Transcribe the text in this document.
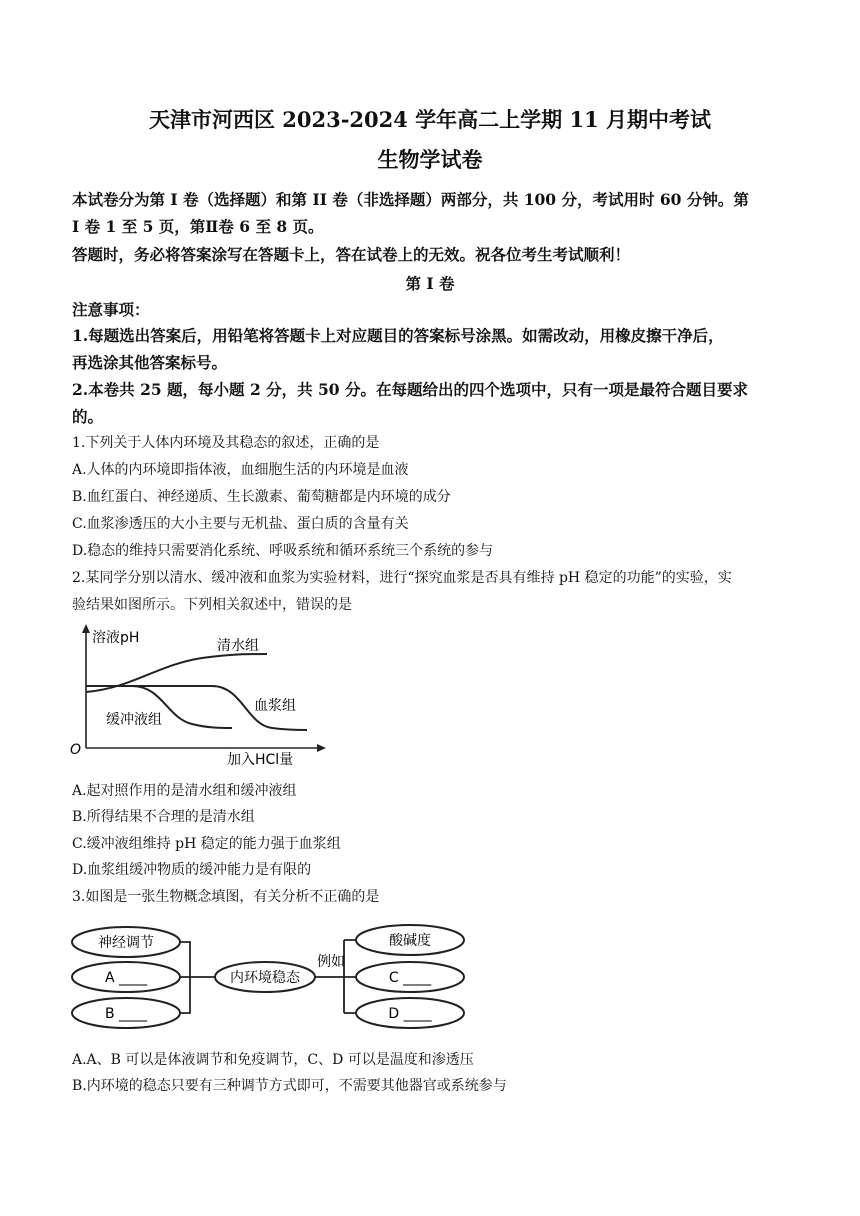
天津市河西区 2023-2024 学年高二上学期 11 月期中考试
生物学试卷
本试卷分为第 I 卷（选择题）和第 II 卷（非选择题）两部分，共 100 分，考试用时 60 分钟。第
I 卷 1 至 5 页，第Ⅱ卷 6 至 8 页。
答题时，务必将答案涂写在答题卡上，答在试卷上的无效。祝各位考生考试顺利！
第 I 卷
注意事项：
1.每题选出答案后，用铅笔将答题卡上对应题目的答案标号涂黑。如需改动，用橡皮擦干净后，
再选涂其他答案标号。
2.本卷共 25 题，每小题 2 分，共 50 分。在每题给出的四个选项中，只有一项是最符合题目要求
的。
1.下列关于人体内环境及其稳态的叙述，正确的是
A.人体的内环境即指体液，血细胞生活的内环境是血液
B.血红蛋白、神经递质、生长激素、葡萄糖都是内环境的成分
C.血浆渗透压的大小主要与无机盐、蛋白质的含量有关
D.稳态的维持只需要消化系统、呼吸系统和循环系统三个系统的参与
2.某同学分别以清水、缓冲液和血浆为实验材料，进行“探究血浆是否具有维持 pH 稳定的功能”的实验，实
验结果如图所示。下列相关叙述中，错误的是
溶液pH
O
加入HCl量
清水组
血浆组
缓冲液组
A.起对照作用的是清水组和缓冲液组
B.所得结果不合理的是清水组
C.缓冲液组维持 pH 稳定的能力强于血浆组
D.血浆组缓冲物质的缓冲能力是有限的
3.如图是一张生物概念填图，有关分析不正确的是
神经调节
A ____
B ____
内环境稳态
例如
酸碱度
C ____
D ____
A.A、B 可以是体液调节和免疫调节，C、D 可以是温度和渗透压
B.内环境的稳态只要有三种调节方式即可，不需要其他器官或系统参与
